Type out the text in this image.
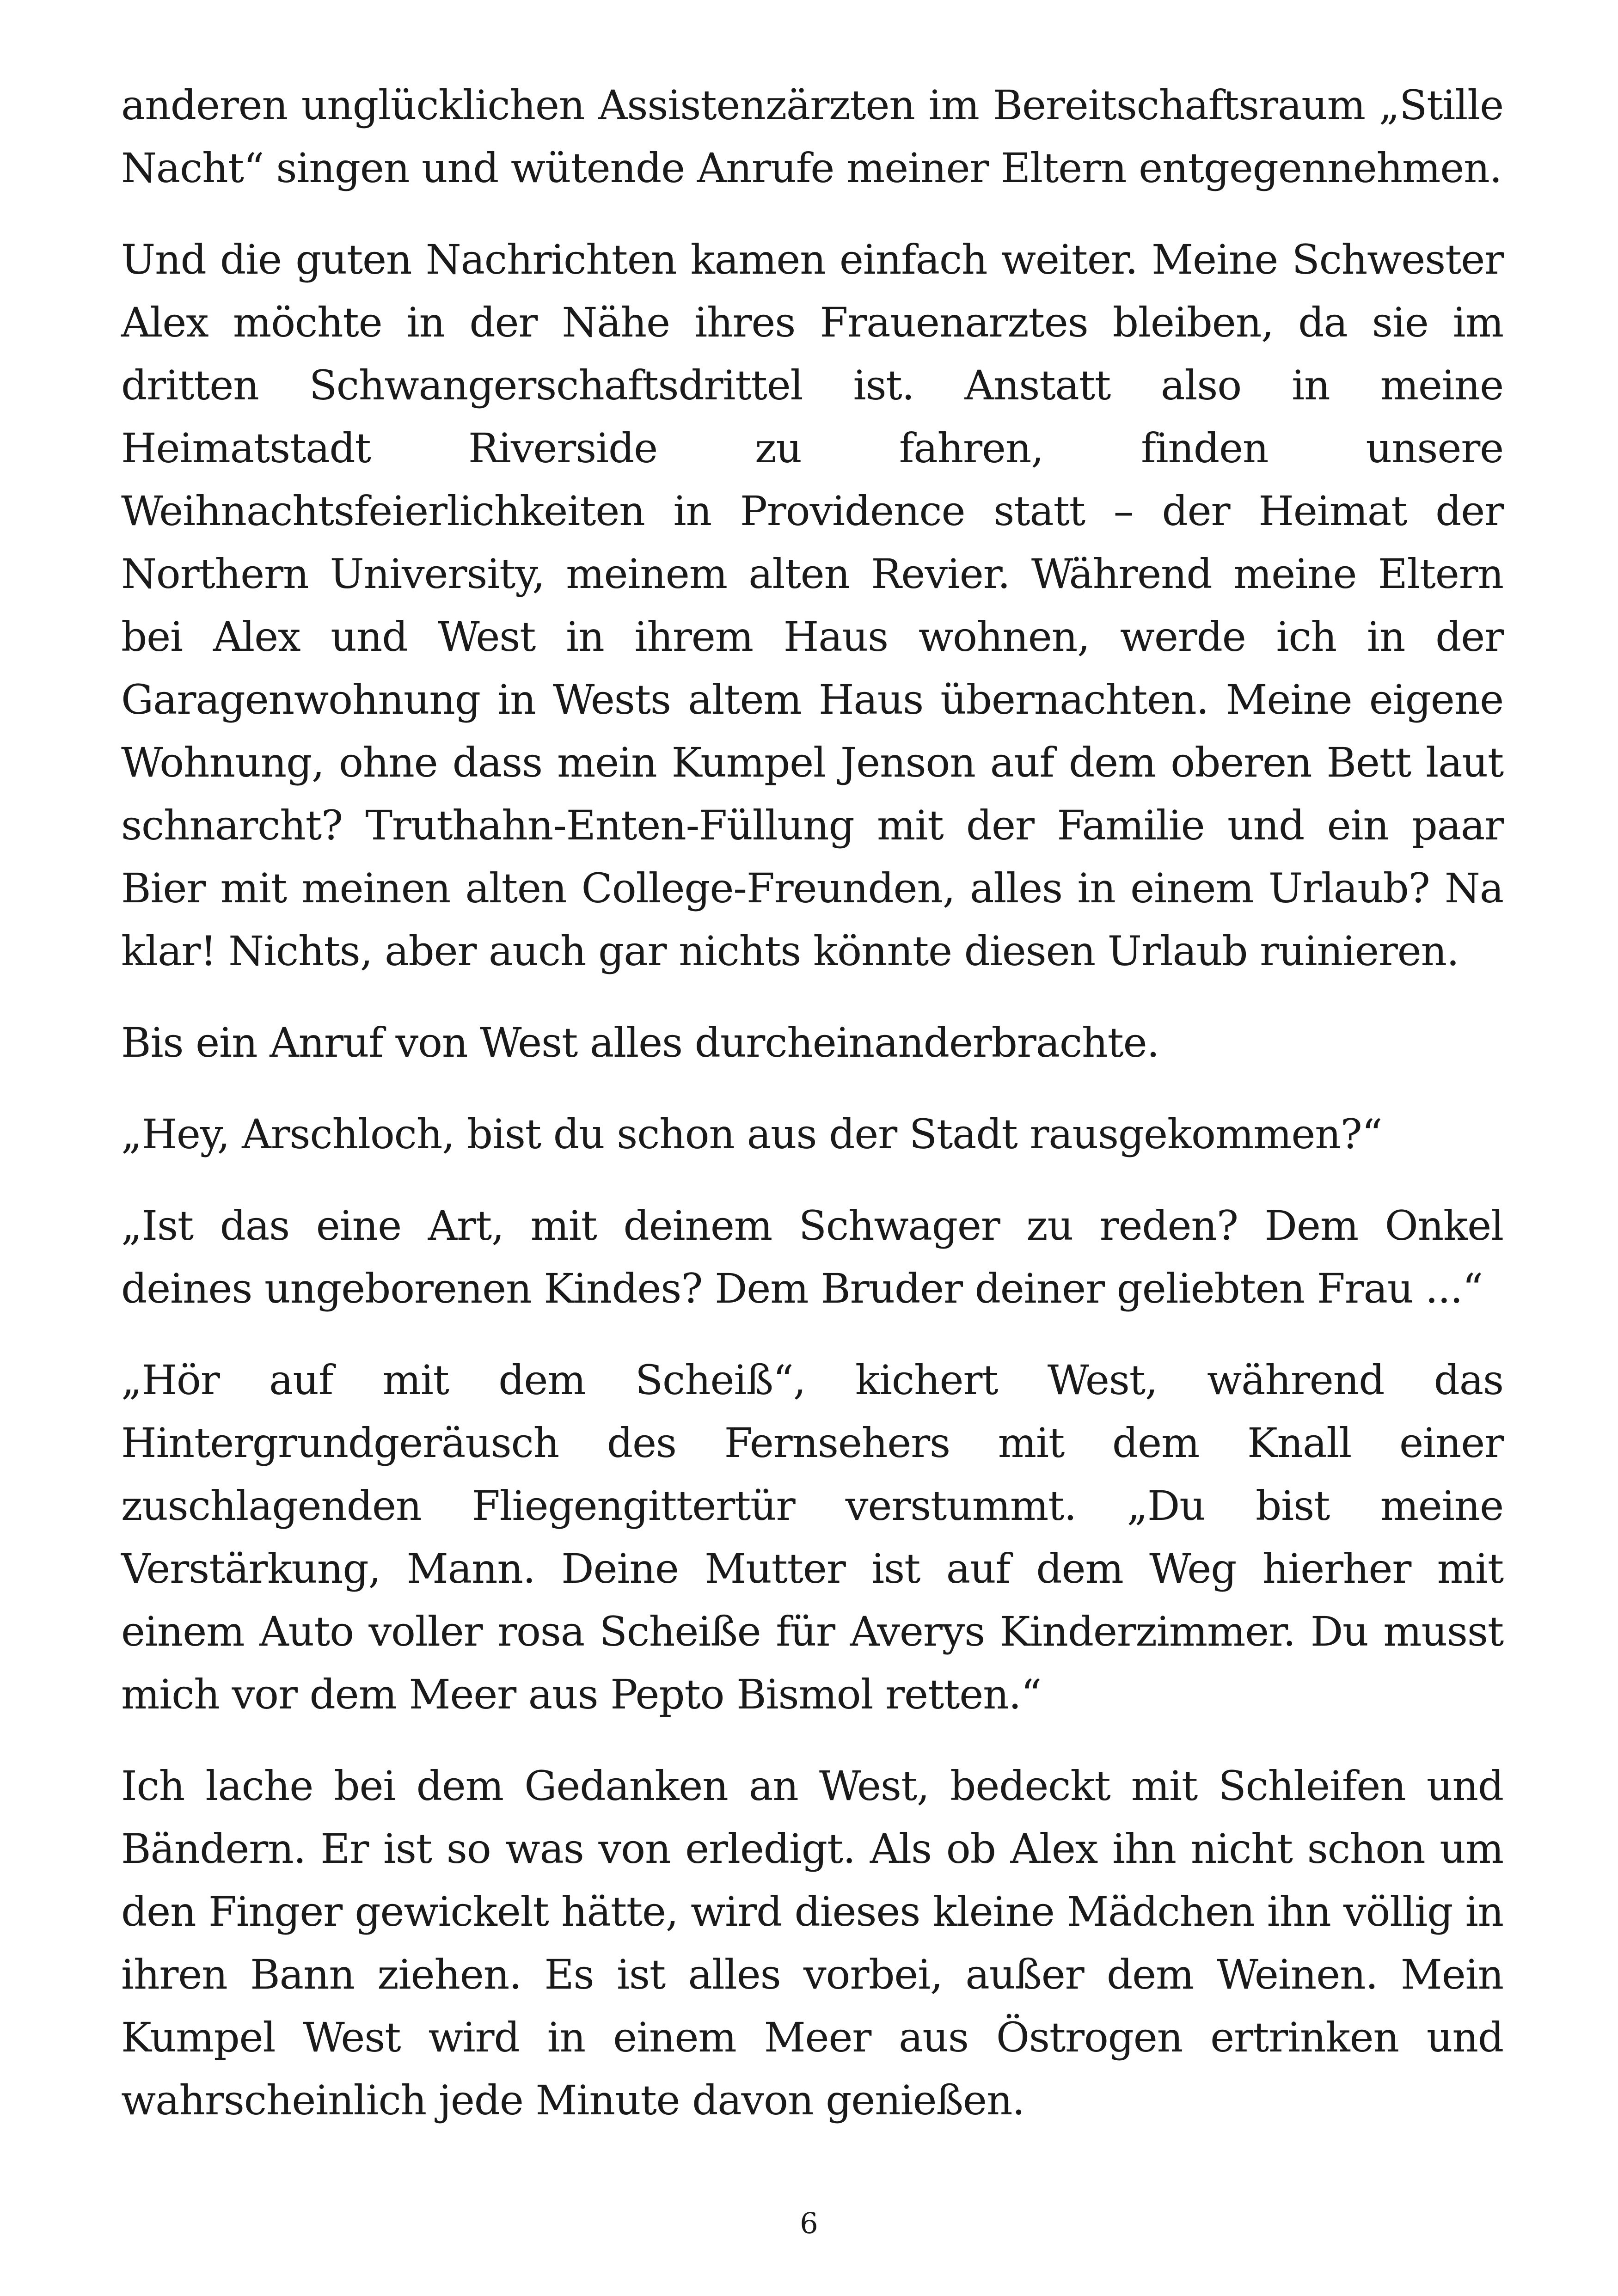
anderen unglücklichen Assistenzärzten im Bereitschaftsraum „Stille Nacht“ singen und wütende Anrufe meiner Eltern entgegennehmen.

Und die guten Nachrichten kamen einfach weiter. Meine Schwester Alex möchte in der Nähe ihres Frauenarztes bleiben, da sie im dritten Schwangerschaftsdrittel ist. Anstatt also in meine Heimatstadt Riverside zu fahren, finden unsere Weihnachtsfeierlichkeiten in Providence statt – der Heimat der Northern University, meinem alten Revier. Während meine Eltern bei Alex und West in ihrem Haus wohnen, werde ich in der Garagenwohnung in Wests altem Haus übernachten. Meine eigene Wohnung, ohne dass mein Kumpel Jenson auf dem oberen Bett laut schnarcht? Truthahn-Enten-Füllung mit der Familie und ein paar Bier mit meinen alten College-Freunden, alles in einem Urlaub? Na klar! Nichts, aber auch gar nichts könnte diesen Urlaub ruinieren.

Bis ein Anruf von West alles durcheinanderbrachte.

„Hey, Arschloch, bist du schon aus der Stadt rausgekommen?“

„Ist das eine Art, mit deinem Schwager zu reden? Dem Onkel deines ungeborenen Kindes? Dem Bruder deiner geliebten Frau ...“

„Hör auf mit dem Scheiß“, kichert West, während das Hintergrundgeräusch des Fernsehers mit dem Knall einer zuschlagenden Fliegengittertür verstummt. „Du bist meine Verstärkung, Mann. Deine Mutter ist auf dem Weg hierher mit einem Auto voller rosa Scheiße für Averys Kinderzimmer. Du musst mich vor dem Meer aus Pepto Bismol retten.“

Ich lache bei dem Gedanken an West, bedeckt mit Schleifen und Bändern. Er ist so was von erledigt. Als ob Alex ihn nicht schon um den Finger gewickelt hätte, wird dieses kleine Mädchen ihn völlig in ihren Bann ziehen. Es ist alles vorbei, außer dem Weinen. Mein Kumpel West wird in einem Meer aus Östrogen ertrinken und wahrscheinlich jede Minute davon genießen.

6
